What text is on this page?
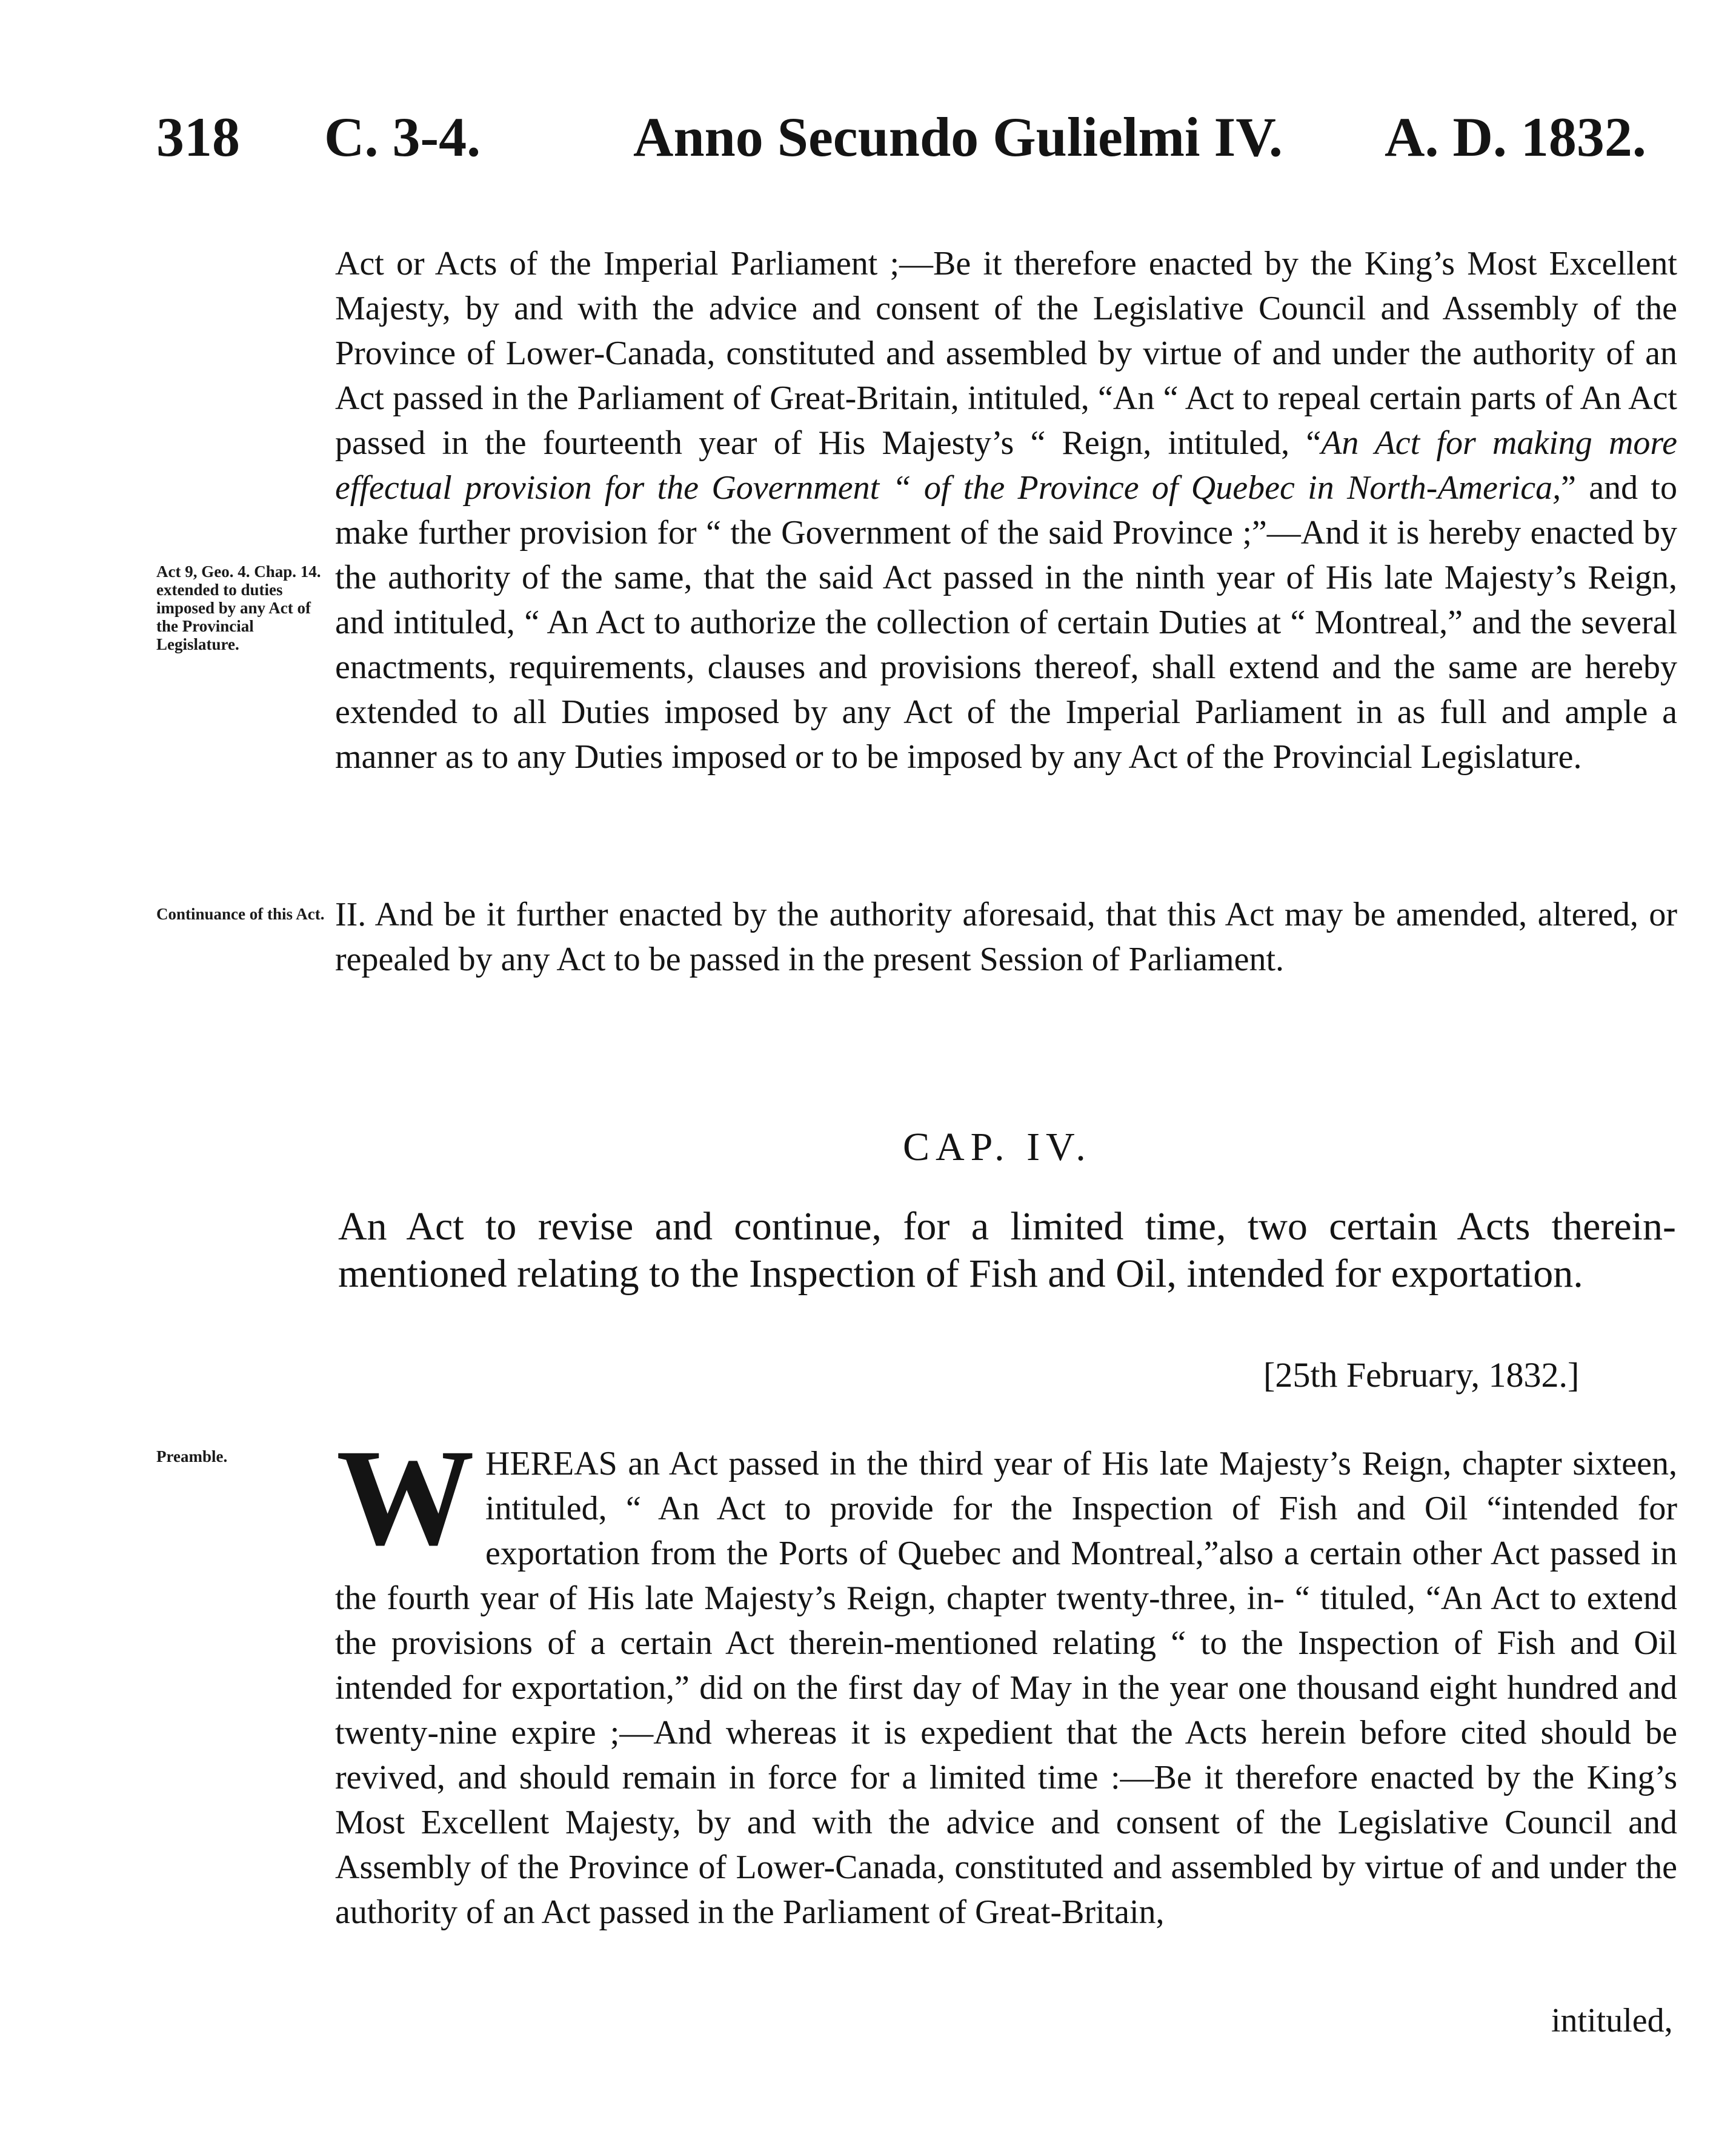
318 C. 3-4.	Anno Secundo Gulielmi IV. A. D. 1832.

Act 9, Geo. 4. Chap. 14. extended to duties imposed by any Act of the Provincial Legislature.

Act or Acts of the Imperial Parliament ;—Be it therefore enacted by the King’s Most Excellent Majesty, by and with the advice and consent of the Legislative Council and Assembly of the Province of Lower-Canada, constituted and assembled by virtue of and under the authority of an Act passed in the Parliament of Great-Britain, intituled, “An “ Act to repeal certain parts of An Act passed in the fourteenth year of His Majesty’s “ Reign, intituled, “An Act for making more effectual provision for the Government “ of the Province of Quebec in North-America,” and to make further provision for “ the Government of the said Province ;”—And it is hereby enacted by the authority of the same, that the said Act passed in the ninth year of His late Majesty’s Reign, and intituled, “ An Act to authorize the collection of certain Duties at “ Montreal,” and the several enactments, requirements, clauses and provisions thereof, shall extend and the same are hereby extended to all Duties imposed by any Act of the Imperial Parliament in as full and ample a manner as to any Duties imposed or to be imposed by any Act of the Provincial Legislature.

Continuance of this Act. II. And be it further enacted by the authority aforesaid, that this Act may be amended, altered, or repealed by any Act to be passed in the present Session of Parliament.

CAP. IV.

An Act to revise and continue, for a limited time, two certain Acts therein-mentioned relating to the Inspection of Fish and Oil, intended for exportation.

[25th February, 1832.]

Preamble. WHEREAS an Act passed in the third year of His late Majesty’s Reign, chapter sixteen, intituled, “ An Act to provide for the Inspection of Fish and Oil “intended for exportation from the Ports of Quebec and Montreal,”also a certain other Act passed in the fourth year of His late Majesty’s Reign, chapter twenty-three, in- “ tituled, “An Act to extend the provisions of a certain Act therein-mentioned relating “ to the Inspection of Fish and Oil intended for exportation,” did on the first day of May in the year one thousand eight hundred and twenty-nine expire ;—And whereas it is expedient that the Acts herein before cited should be revived, and should remain in force for a limited time :—Be it therefore enacted by the King’s Most Excellent Majesty, by and with the advice and consent of the Legislative Council and Assembly of the Province of Lower-Canada, constituted and assembled by virtue of and under the authority of an Act passed in the Parliament of Great-Britain,

intituled,
